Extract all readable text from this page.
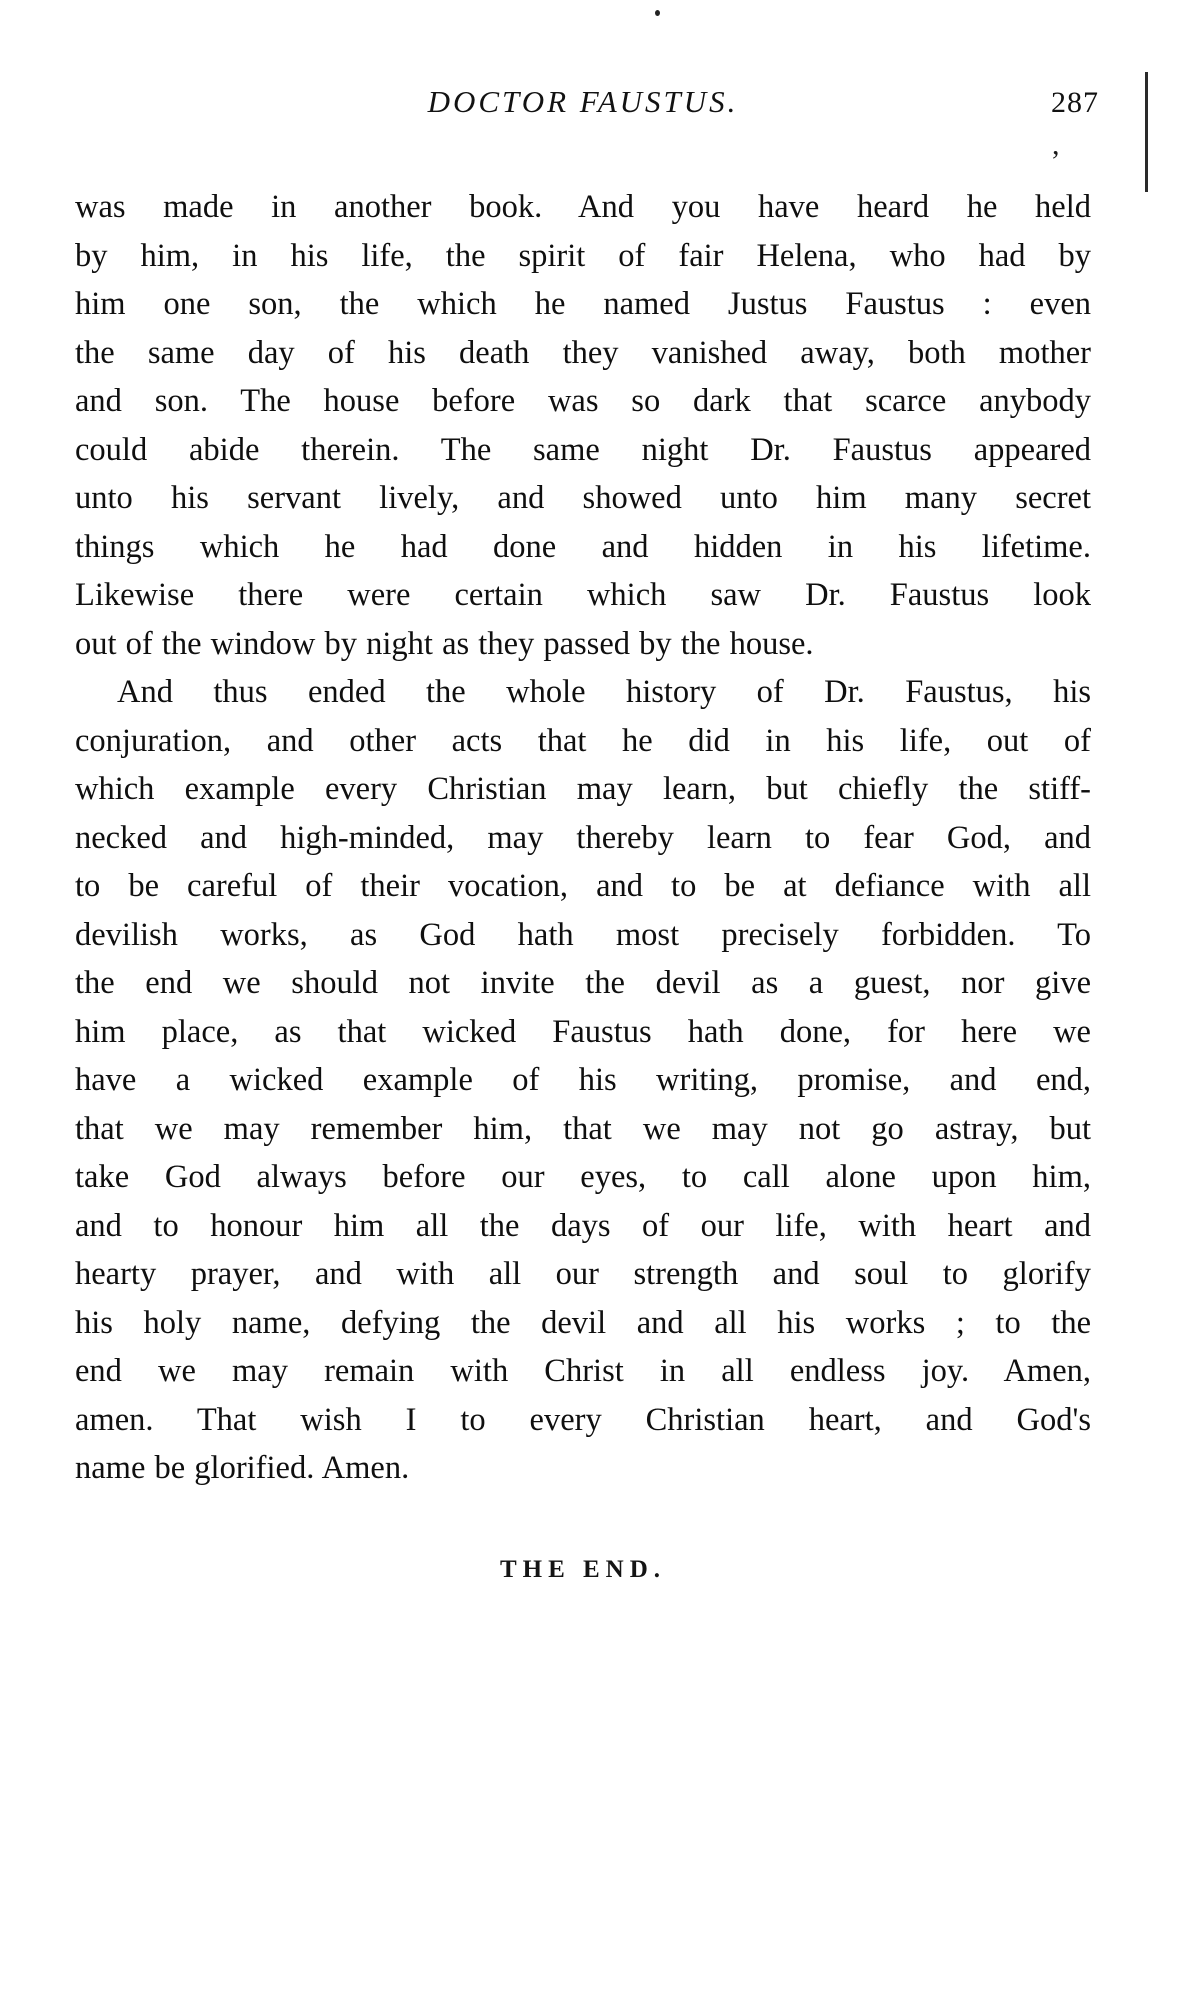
,
DOCTOR FAUSTUS.	287
was made in another book. And you have heard he held
by him, in his life, the spirit of fair Helena, who had by
him one son, the which he named Justus Faustus : even
the same day of his death they vanished away, both mother
and son. The house before was so dark that scarce anybody
could abide therein. The same night Dr. Faustus appeared
unto his servant lively, and showed unto him many secret
things which he had done and hidden in his lifetime.
Likewise there were certain which saw Dr. Faustus look
out of the window by night as they passed by the house.
And thus ended the whole history of Dr. Faustus, his
conjuration, and other acts that he did in his life, out of
which example every Christian may learn, but chiefly the stiff-
necked and high-minded, may thereby learn to fear God, and
to be careful of their vocation, and to be at defiance with all
devilish works, as God hath most precisely forbidden. To
the end we should not invite the devil as a guest, nor give
him place, as that wicked Faustus hath done, for here we
have a wicked example of his writing, promise, and end,
that we may remember him, that we may not go astray, but
take God always before our eyes, to call alone upon him,
and to honour him all the days of our life, with heart and
hearty prayer, and with all our strength and soul to glorify
his holy name, defying the devil and all his works ; to the
end we may remain with Christ in all endless joy. Amen,
amen. That wish I to every Christian heart, and God's
name be glorified. Amen.
THE END.
